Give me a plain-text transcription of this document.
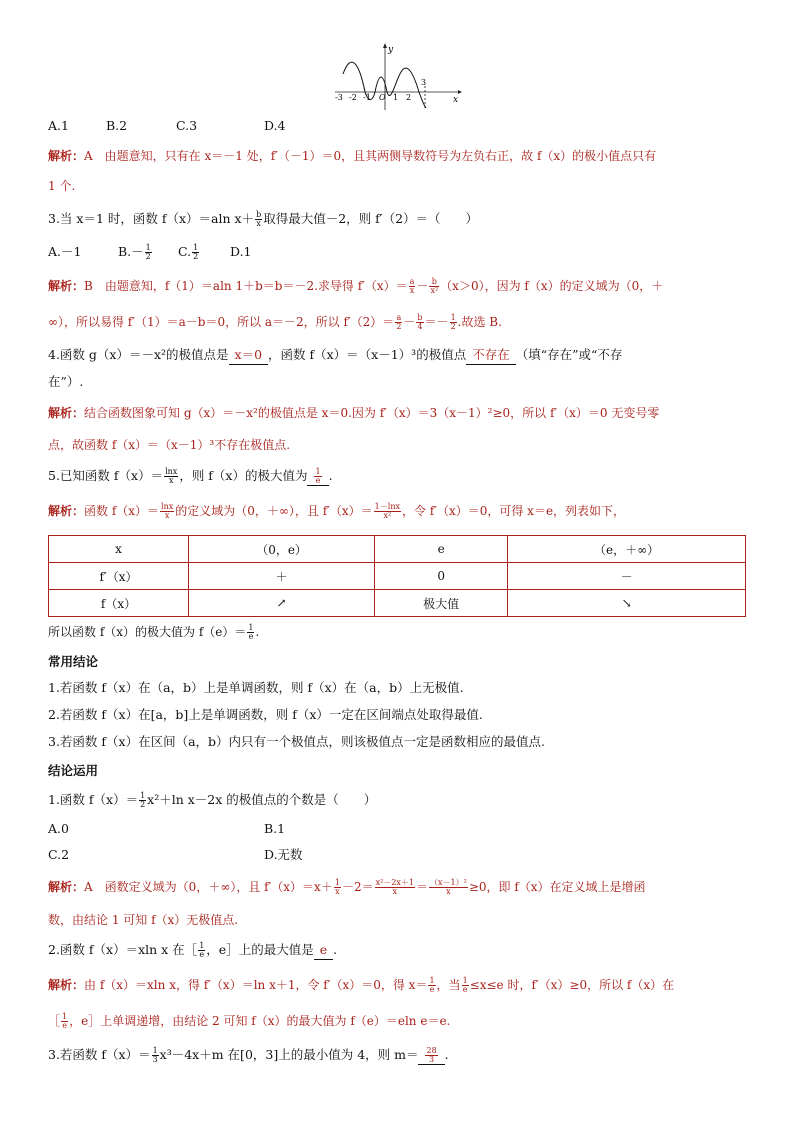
y
x
-3 -2 -1 O 1 2
3
A.1	B.2	C.3	D.4
解析：A　由题意知，只有在 x＝－1 处，f′（－1）＝0，且其两侧导数符号为左负右正，故 f（x）的极小值点只有
1 个.
3.当 x＝1 时，函数 f（x）＝aln $x+ \frac{b}{x}$ 取得最大值－2，则 f′（2）＝（　　）
A.－1	$B.- \frac{1}{2} C$. $\frac{1}{2} D.1$
解析：B　由题意知，f（1）＝aln 1＋b＝b＝－2.求导得 $f'(x)= \frac{a}{x} - \frac{b}{\text{x²}} (x>0)$，因为 f（x）的定义域为（0，＋
∞），所以易得 f′（1）＝a－b＝0，所以 a＝－2，所以 $f'(2)= \frac{a}{2} - \frac{b}{4} =- \frac{1}{2}$ .故选 B.
4.函数 g（x）＝－x²的极值点是 x＝0 ，函数 f（x）＝（x－1）³的极值点 不存在 （填“存在”或“不存
在”）.
解析：结合函数图象可知 g（x）＝－x²的极值点是 x＝0.因为 f′（x）＝3（x－1）²≥0，所以 f′（x）＝0 无变号零
点，故函数 f（x）＝（x－1）³不存在极值点.
5.已知函数 $f(x)= \frac{\ln x}{x}$ ，则 f（x）的极大值为 $\frac{1}{e}$ .
解析：函数 $f(x)= \frac{\ln x}{x}$ 的定义域为（0，＋∞），且 $f'(x)= \frac{1-\ln x}{\text{x²}}$ ，令 f′（x）＝0，可得 x＝e，列表如下，
x	（0，e）	e	（e，＋∞）
f′（x）	＋	0	－
f（x）	↗	极大值	↘
所以函数 f（x）的极大值为 $f(e)= \frac{1}{e}$ .
常用结论
1.若函数 f（x）在（a，b）上是单调函数，则 f（x）在（a，b）上无极值.
2.若函数 f（x）在[a，b]上是单调函数，则 f（x）一定在区间端点处取得最值.
3.若函数 f（x）在区间（a，b）内只有一个极值点，则该极值点一定是函数相应的最值点.
结论运用
1.函数 $f(x)= \frac{1}{2} x^2+\ln$ x－2x 的极值点的个数是（　　）
A.0	B.1
C.2	D.无数
解析：A　函数定义域为（0，＋∞），且 $f'(x)=x+ \frac{1}{x} -2= \frac{\text{x²－2x＋1}}{x} = \frac{\text{（x－1）²}}{x} \ge 0$，即 f（x）在定义域上是增函
数，由结论 1 可知 f（x）无极值点.
2.函数 f（x）＝xln x 在［ $\frac{1}{e}$ ，e］上的最大值是 e .
解析：由 f（x）＝xln x，得 f′（x）＝ln x＋1，令 f′（x）＝0，得 $x= \frac{1}{e}$ ，当 $\frac{1}{e} \le x\le e$ 时，f′（x）≥0，所以 f（x）在
［ $\frac{1}{e}$ ，e］上单调递增，由结论 2 可知 f（x）的最大值为 f（e）＝eln e＝e.
3.若函数 $f(x)= \frac{1}{3} x^3-4x+m$ 在[0，3]上的最小值为 4，则 $m= \frac{28}{3}$ .
